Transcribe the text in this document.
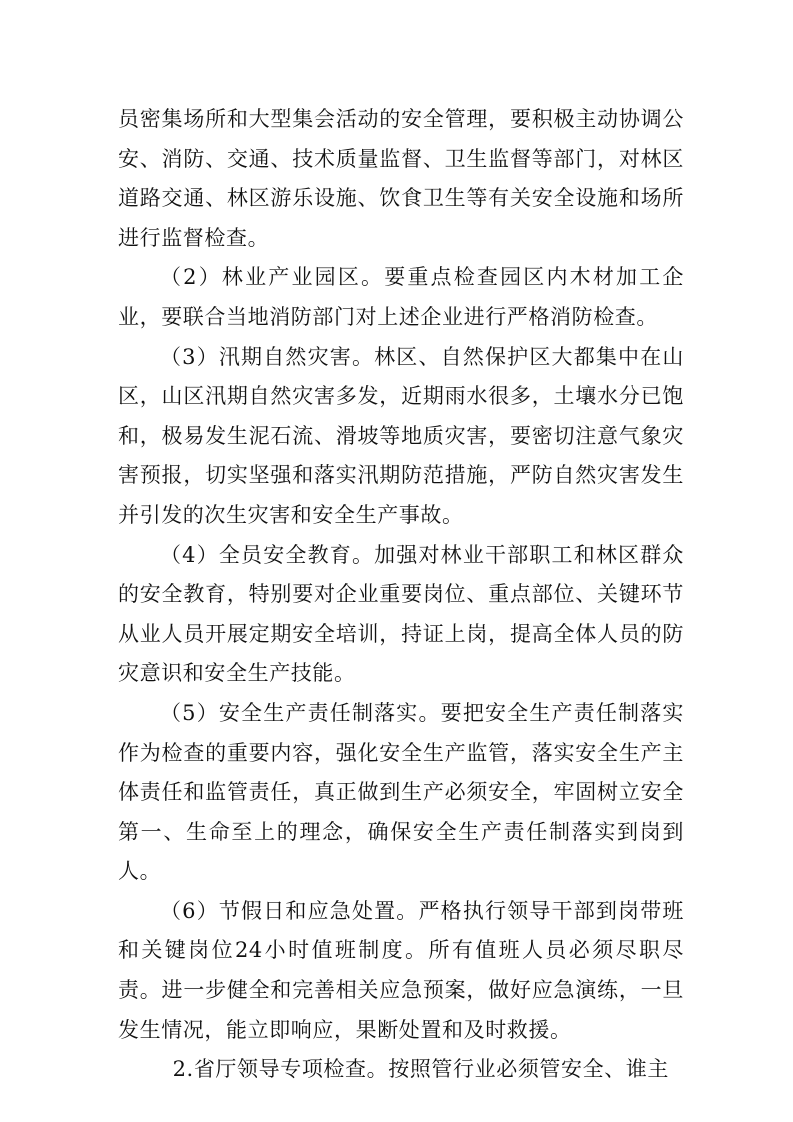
员密集场所和大型集会活动的安全管理，要积极主动协调公安、消防、交通、技术质量监督、卫生监督等部门，对林区道路交通、林区游乐设施、饮食卫生等有关安全设施和场所进行监督检查。

（2）林业产业园区。要重点检查园区内木材加工企业，要联合当地消防部门对上述企业进行严格消防检查。

（3）汛期自然灾害。林区、自然保护区大都集中在山区，山区汛期自然灾害多发，近期雨水很多，土壤水分已饱和，极易发生泥石流、滑坡等地质灾害，要密切注意气象灾害预报，切实坚强和落实汛期防范措施，严防自然灾害发生并引发的次生灾害和安全生产事故。

（4）全员安全教育。加强对林业干部职工和林区群众的安全教育，特别要对企业重要岗位、重点部位、关键环节从业人员开展定期安全培训，持证上岗，提高全体人员的防灾意识和安全生产技能。

（5）安全生产责任制落实。要把安全生产责任制落实作为检查的重要内容，强化安全生产监管，落实安全生产主体责任和监管责任，真正做到生产必须安全，牢固树立安全第一、生命至上的理念，确保安全生产责任制落实到岗到人。

（6）节假日和应急处置。严格执行领导干部到岗带班和关键岗位24小时值班制度。所有值班人员必须尽职尽责。进一步健全和完善相关应急预案，做好应急演练，一旦发生情况，能立即响应，果断处置和及时救援。

2.省厅领导专项检查。按照管行业必须管安全、谁主
